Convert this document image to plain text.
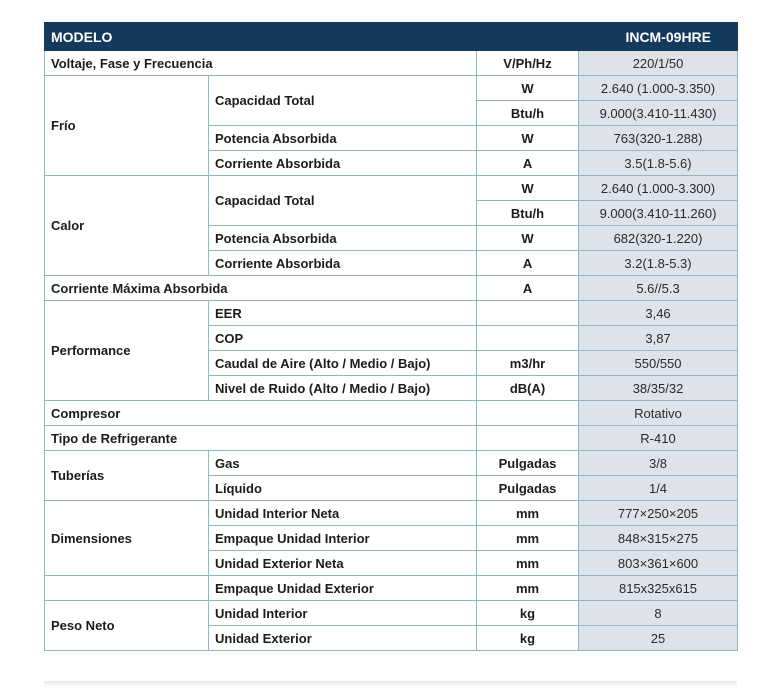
MODELO			INCM-09HRE
Voltaje, Fase y Frecuencia		V/Ph/Hz	220/1/50
Frío	Capacidad Total	W	2.640 (1.000-3.350)
		Btu/h	9.000(3.410-11.430)
	Potencia Absorbida	W	763(320-1.288)
	Corriente Absorbida	A	3.5(1.8-5.6)
Calor	Capacidad Total	W	2.640 (1.000-3.300)
		Btu/h	9.000(3.410-11.260)
	Potencia Absorbida	W	682(320-1.220)
	Corriente Absorbida	A	3.2(1.8-5.3)
Corriente Máxima Absorbida		A	5.6//5.3
Performance	EER		3,46
	COP		3,87
	Caudal de Aire (Alto / Medio / Bajo)	m3/hr	550/550
	Nivel de Ruido (Alto / Medio / Bajo)	dB(A)	38/35/32
Compresor			Rotativo
Tipo de Refrigerante			R-410
Tuberías	Gas	Pulgadas	3/8
	Líquido	Pulgadas	1/4
Dimensiones	Unidad Interior Neta	mm	777×250×205
	Empaque Unidad Interior	mm	848×315×275
	Unidad Exterior Neta	mm	803×361×600
	Empaque Unidad Exterior	mm	815x325x615
Peso Neto	Unidad Interior	kg	8
	Unidad Exterior	kg	25
